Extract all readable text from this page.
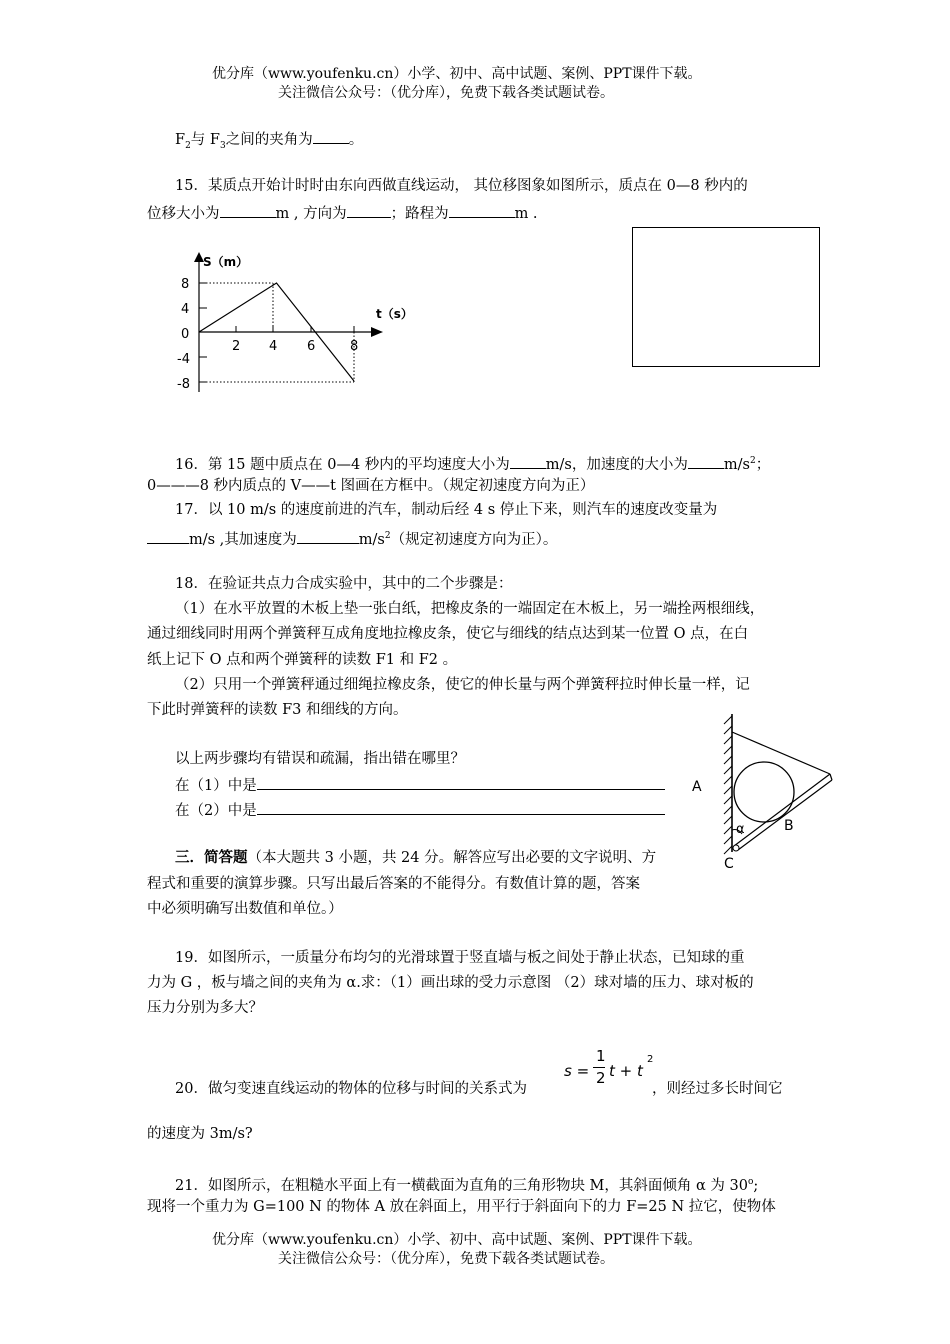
优分库（www.youfenku.cn）小学、初中、高中试题、案例、PPT课件下载。
关注微信公众号：（优分库），免费下载各类试题试卷。
$F_2$与 $F_3$之间的夹角为 。
15．某质点开始计时时由东向西做直线运动， 其位移图象如图所示，质点在 0—8 秒内的
位移大小为	m , 方向为	；路程为	m .
S（m）
t（s）
8
4
0
-4
-8
2 4 6	8
16．第 15 题中质点在 0—4 秒内的平均速度大小为 m/s，加速度的大小为 $m/s^2$；
0———8 秒内质点的 V——t 图画在方框中。（规定初速度方向为正）
17．以 10 m/s 的速度前进的汽车，制动后经 4 s 停止下来，则汽车的速度改变量为
m/s ,其加速度为	$m/s^2$（规定初速度方向为正）。
18．在验证共点力合成实验中，其中的二个步骤是：
（1）在水平放置的木板上垫一张白纸，把橡皮条的一端固定在木板上，另一端拴两根细线，
通过细线同时用两个弹簧秤互成角度地拉橡皮条，使它与细线的结点达到某一位置 O 点，在白
纸上记下 O 点和两个弹簧秤的读数 F1 和 F2 。
（2）只用一个弹簧秤通过细绳拉橡皮条，使它的伸长量与两个弹簧秤拉时伸长量一样，记
下此时弹簧秤的读数 F3 和细线的方向。
以上两步骤均有错误和疏漏，指出错在哪里？
在（1）中是
在（2）中是
A
B
C
α
三．简答题（本大题共 3 小题，共 24 分。解答应写出必要的文字说明、方
程式和重要的演算步骤。只写出最后答案的不能得分。有数值计算的题，答案
中必须明确写出数值和单位。）
19．如图所示，一质量分布均匀的光滑球置于竖直墙与板之间处于静止状态，已知球的重
力为 G ，板与墙之间的夹角为 α.求：（1）画出球的受力示意图 （2）球对墙的压力、球对板的
压力分别为多大？
20．做匀变速直线运动的物体的位移与时间的关系式为
s =
1
2 t + t
2
，则经过多长时间它
的速度为 3m/s?
21．如图所示，在粗糙水平面上有一横截面为直角的三角形物块 M，其斜面倾角 α 为 30$^o$;
现将一个重力为 G=100 N 的物体 A 放在斜面上，用平行于斜面向下的力 F=25 N 拉它，使物体
优分库（www.youfenku.cn）小学、初中、高中试题、案例、PPT课件下载。
关注微信公众号：（优分库），免费下载各类试题试卷。
